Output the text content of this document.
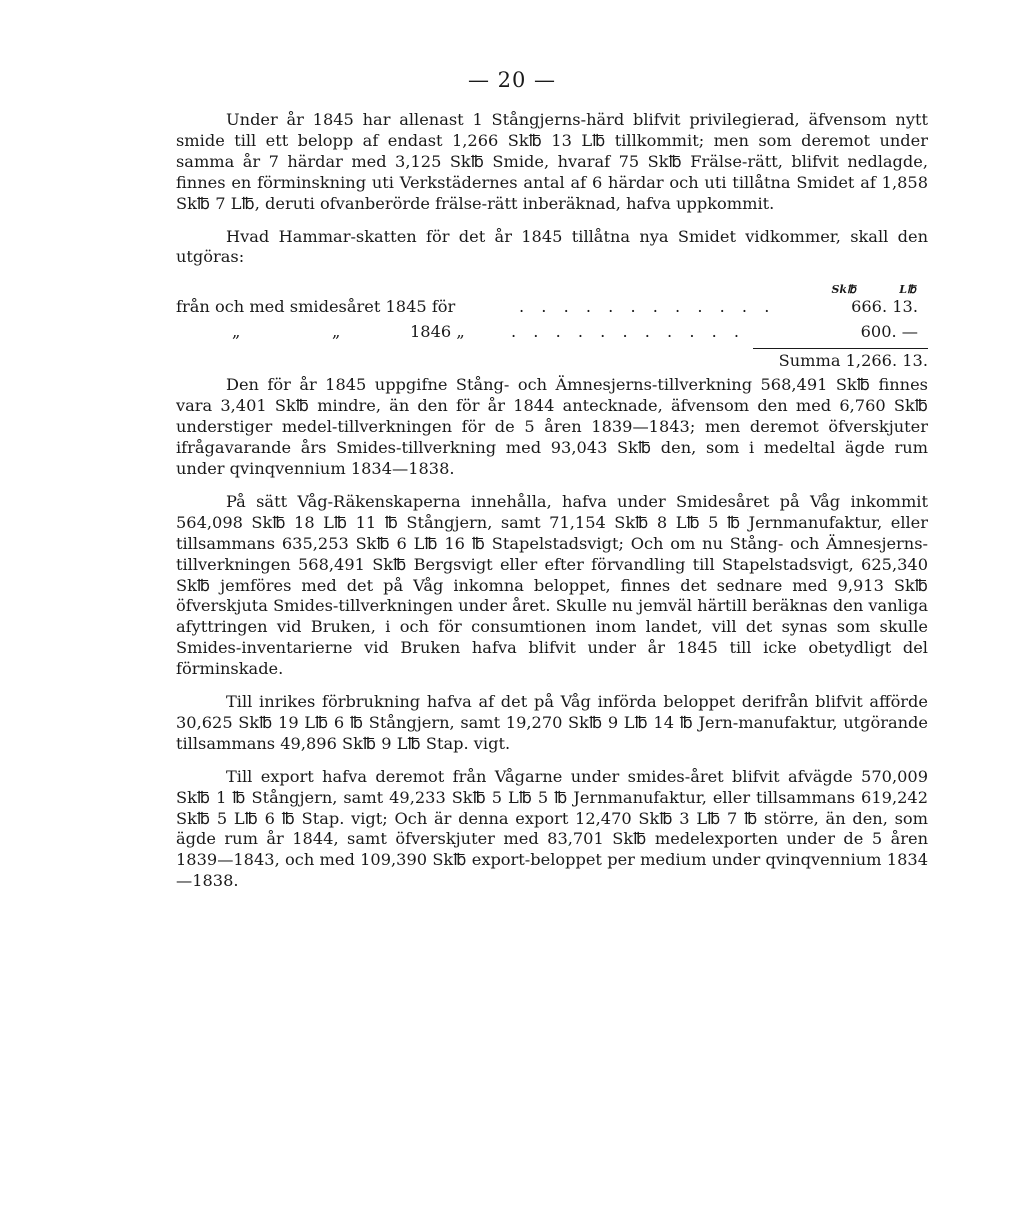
— 20 —

Under år 1845 har allenast 1 Stångjerns-härd blifvit privilegierad, äfvensom nytt smide till ett belopp af endast 1,266 Sk℔ 13 L℔ tillkommit; men som deremot under samma år 7 härdar med 3,125 Sk℔ Smide, hvaraf 75 Sk℔ Frälse-rätt, blifvit nedlagde, finnes en förminskning uti Verkstädernes antal af 6 härdar och uti tillåtna Smidet af 1,858 Sk℔ 7 L℔, deruti ofvanberörde frälse-rätt inberäknad, hafva uppkommit.

Hvad Hammar-skatten för det år 1845 tillåtna nya Smidet vidkommer, skall den utgöras:

Sk℔	L℔
från och med smidesåret 1845 för	. . . . . . . . . . . .	666. 13.
„	„	1846 „	. . . . . . . . . . .	600. —
Summa 1,266. 13.

Den för år 1845 uppgifne Stång- och Ämnesjerns-tillverkning 568,491 Sk℔ finnes vara 3,401 Sk℔ mindre, än den för år 1844 antecknade, äfvensom den med 6,760 Sk℔ understiger medel-tillverkningen för de 5 åren 1839—1843; men deremot öfverskjuter ifrågavarande års Smides-tillverkning med 93,043 Sk℔ den, som i medeltal ägde rum under qvinqvennium 1834—1838.

På sätt Våg-Räkenskaperna innehålla, hafva under Smidesåret på Våg inkommit 564,098 Sk℔ 18 L℔ 11 ℔ Stångjern, samt 71,154 Sk℔ 8 L℔ 5 ℔ Jernmanufaktur, eller tillsammans 635,253 Sk℔ 6 L℔ 16 ℔ Stapelstadsvigt; Och om nu Stång- och Ämnesjerns-tillverkningen 568,491 Sk℔ Bergsvigt eller efter förvandling till Stapelstadsvigt, 625,340 Sk℔ jemföres med det på Våg inkomna beloppet, finnes det sednare med 9,913 Sk℔ öfverskjuta Smides-tillverkningen under året. Skulle nu jemväl härtill beräknas den vanliga afyttringen vid Bruken, i och för consumtionen inom landet, vill det synas som skulle Smides-inventarierne vid Bruken hafva blifvit under år 1845 till icke obetydligt del förminskade.

Till inrikes förbrukning hafva af det på Våg införda beloppet derifrån blifvit afförde 30,625 Sk℔ 19 L℔ 6 ℔ Stångjern, samt 19,270 Sk℔ 9 L℔ 14 ℔ Jern-manufaktur, utgörande tillsammans 49,896 Sk℔ 9 L℔ Stap. vigt.

Till export hafva deremot från Vågarne under smides-året blifvit afvägde 570,009 Sk℔ 1 ℔ Stångjern, samt 49,233 Sk℔ 5 L℔ 5 ℔ Jernmanufaktur, eller tillsammans 619,242 Sk℔ 5 L℔ 6 ℔ Stap. vigt; Och är denna export 12,470 Sk℔ 3 L℔ 7 ℔ större, än den, som ägde rum år 1844, samt öfverskjuter med 83,701 Sk℔ medelexporten under de 5 åren 1839—1843, och med 109,390 Sk℔ export-beloppet per medium under qvinqvennium 1834—1838.
